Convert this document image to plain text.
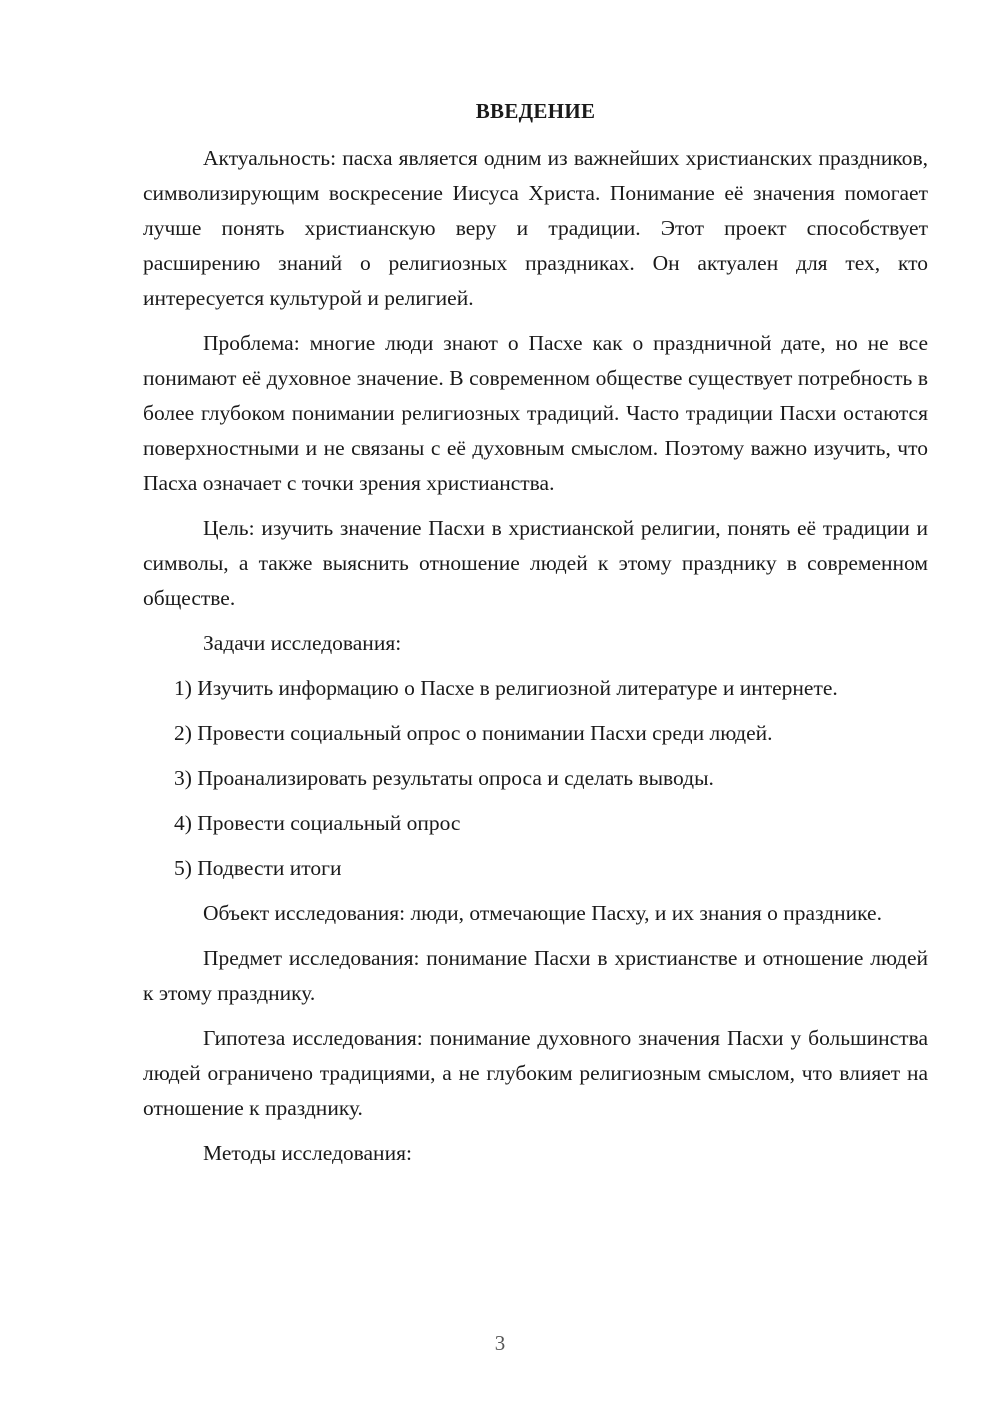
ВВЕДЕНИЕ

Актуальность: пасха является одним из важнейших христианских праздников, символизирующим воскресение Иисуса Христа. Понимание её значения помогает лучше понять христианскую веру и традиции. Этот проект способствует расширению знаний о религиозных праздниках. Он актуален для тех, кто интересуется культурой и религией.

Проблема: многие люди знают о Пасхе как о праздничной дате, но не все понимают её духовное значение. В современном обществе существует потребность в более глубоком понимании религиозных традиций. Часто традиции Пасхи остаются поверхностными и не связаны с её духовным смыслом. Поэтому важно изучить, что Пасха означает с точки зрения христианства.

Цель: изучить значение Пасхи в христианской религии, понять её традиции и символы, а также выяснить отношение людей к этому празднику в современном обществе.

Задачи исследования:

1) Изучить информацию о Пасхе в религиозной литературе и интернете.

2) Провести социальный опрос о понимании Пасхи среди людей.

3) Проанализировать результаты опроса и сделать выводы.

4) Провести социальный опрос

5) Подвести итоги

Объект исследования: люди, отмечающие Пасху, и их знания о празднике.

Предмет исследования: понимание Пасхи в христианстве и отношение людей к этому празднику.

Гипотеза исследования: понимание духовного значения Пасхи у большинства людей ограничено традициями, а не глубоким религиозным смыслом, что влияет на отношение к празднику.

Методы исследования:

3
